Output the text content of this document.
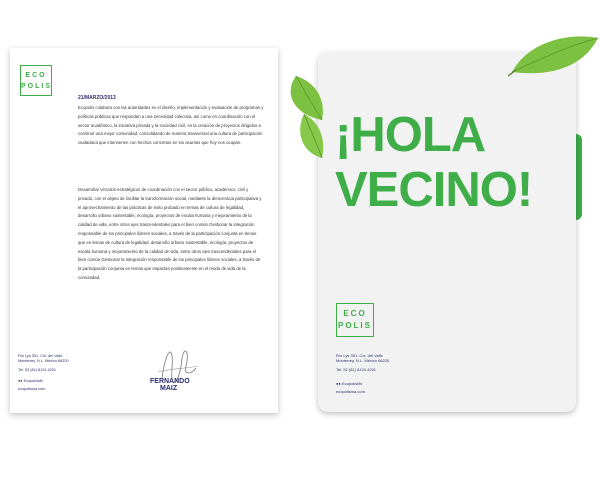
ECO
POLIS
21/MARZO/2013

Ecopolis colabora con las autoridades en el diseño, implementación y evaluación de programas y políticas públicas que respondan a una necesidad colectiva, así como en coordinación con el sector académico, la iniciativa privada y la sociedad civil, en la creación de proyectos dirigidos a construir una mejor comunidad, consolidando de manera transversal una cultura de participación ciudadana que intervienen con hechos concretos en los asuntos que hoy nos ocupan.

Desarrollar vínculos estratégicos de coordinación con el sector público, académico, civil y privado, con el objeto de facilitar la transformación social, mediante la democracia participativa y el aprovechamiento de las prácticas de éxito probado en temas de cultura de legalidad, desarrollo urbano sustentable, ecología, proyectos de escala humana y mejoramiento de la calidad de vida, entre otros ejes trascendentales para el bien común.Gestionar la integración responsable de los principales líderes sociales, a través de la participación conjunta en temas que en temas de cultura de legalidad, desarrollo urbano sustentable, ecología, proyectos de escala humana y mejoramiento de la calidad de vida, entre otros ejes trascendentales para el bien común.Gestionar la integración responsable de los principales líderes sociales, a través de la participación conjunta en temas que impactan positivamente en el modo de vida de la comunidad.

Río Lys 351, Col. del Valle
Monterrey, N.L. México 66220
Tel. 52 (81) 8124 4201
●● EcopolisMx
ecopolisma.com
FERNANDO
MAIZ
¡HOLA
VECINO!
ECO
POLIS
Río Lys 351, Col. del Valle
Monterrey, N.L. México 66220
Tel. 52 (81) 8124 4201
●● EcopolisMx
ecopolisma.com
